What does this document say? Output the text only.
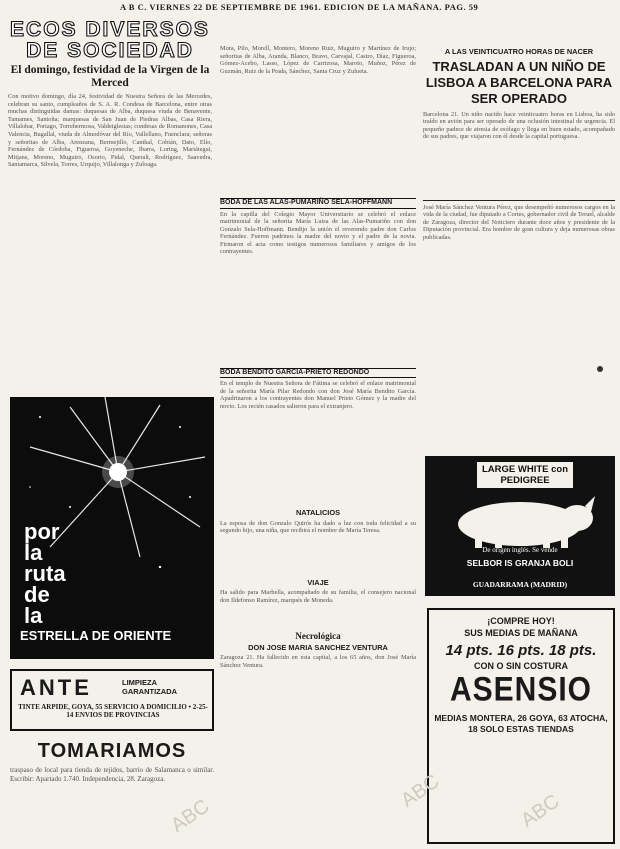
A B C. VIERNES 22 DE SEPTIEMBRE DE 1961. EDICION DE LA MAÑANA. PAG. 59
ECOS DIVERSOS
DE SOCIEDAD
El domingo, festividad de la Virgen de la Merced
Con motivo domingo, día 24, festividad de Nuestra Señora de las Mercedes, celebran su santo, cumpleaños de S. A. R. Condesa de Barcelona, entre otras muchas distinguidas damas: duquesas de Alba, duquesa viuda de Benavente, Tamames, Santoña; marquesas de San Juan de Piedras Albas, Casa Riera, Villalobar, Portago, Torrehermosa, Valdeiglesias; condesas de Romanones, Casa Valencia, Bugallal, viuda de Almodóvar del Río, Vallellano, Fuenclara; señoras y señoritas de Alba, Arenzana, Bermejillo, Canthal, Cobián, Dato, Elío, Fernández de Córdoba, Figueroa, Goyeneche, Ibarra, Loring, Mariátegui, Mitjans, Moreno, Muguiro, Osorio, Pidal, Queralt, Rodríguez, Saavedra, Santamarca, Silvela, Torres, Urquijo, Villalonga y Zuloaga.
por
la
ruta
de
la
ESTRELLA DE ORIENTE
ANTE	LIMPIEZA GARANTIZADA
TINTE ARPIDE, GOYA, 55 SERVICIO A DOMICILIO • 2-25-14 ENVIOS DE PROVINCIAS
TOMARIAMOS
traspaso de local para tienda de tejidos, barrio de Salamanca o similar. Escribir: Apartado 1.740. Independencia, 28. Zaragoza.
Mora, Pilo, Morell, Montero, Moreno Ruiz, Muguiro y Martínez de Irujo; señoritas de Alba, Aranda, Blanco, Bravo, Carvajal, Castro, Díaz, Figueroa, Gómez-Acebo, Lasso, López de Carrizosa, Maroto, Muñoz, Pérez de Guzmán, Ruiz de la Prada, Sánchez, Santa Cruz y Zulueta.
BODA DE LAS ALAS-PUMARIÑO SELA-HOFFMANN
En la capilla del Colegio Mayor Universitario se celebró el enlace matrimonial de la señorita María Luisa de las Alas-Pumariño con don Gonzalo Sela-Hoffmann. Bendijo la unión el reverendo padre don Carlos Fernández. Fueron padrinos la madre del novio y el padre de la novia. Firmaron el acta como testigos numerosos familiares y amigos de los contrayentes.
BODA BENDITO GARCIA-PRIETO REDONDO
En el templo de Nuestra Señora de Fátima se celebró el enlace matrimonial de la señorita María Pilar Redondo con don José María Bendito García. Apadrinaron a los contrayentes don Manuel Prieto Gómez y la madre del novio. Los recién casados salieron para el extranjero.
NATALICIOS
La esposa de don Gonzalo Quirós ha dado a luz con toda felicidad a su segundo hijo, una niña, que recibirá el nombre de María Teresa.
VIAJE
Ha salido para Marbella, acompañado de su familia, el consejero nacional don Ildefonso Ramírez, marqués de Moneda.
Necrológica
DON JOSE MARIA SANCHEZ VENTURA
Zaragoza 21. Ha fallecido en esta capital, a los 65 años, don José María Sánchez Ventura.
A LAS VEINTICUATRO HORAS DE NACER
TRASLADAN A UN NIÑO DE LISBOA A BARCELONA PARA SER OPERADO
Barcelona 21. Un niño nacido hace veinticuatro horas en Lisboa, ha sido traído en avión para ser operado de una oclusión intestinal de urgencia. El pequeño padece de atresia de esófago y llega en buen estado, acompañado de sus padres, que viajaron con él desde la capital portuguesa.
José María Sánchez Ventura Pérez, que desempeñó numerosos cargos en la vida de la ciudad, fue diputado a Cortes, gobernador civil de Teruel, alcalde de Zaragoza, director del Noticiero durante doce años y presidente de la Diputación provincial. Era hombre de gran cultura y deja numerosas obras publicadas.
LARGE WHITE con PEDIGREE
De origen inglés. Se vende
SELBOR IS GRANJA BOLI
GUADARRAMA (MADRID)
¡COMPRE HOY!
SUS MEDIAS DE MAÑANA
14 pts. 16 pts. 18 pts.
CON O SIN COSTURA
ASENSIO
MEDIAS MONTERA, 26 GOYA, 63 ATOCHA, 18 SOLO ESTAS TIENDAS
ABC	ABC
ABC
